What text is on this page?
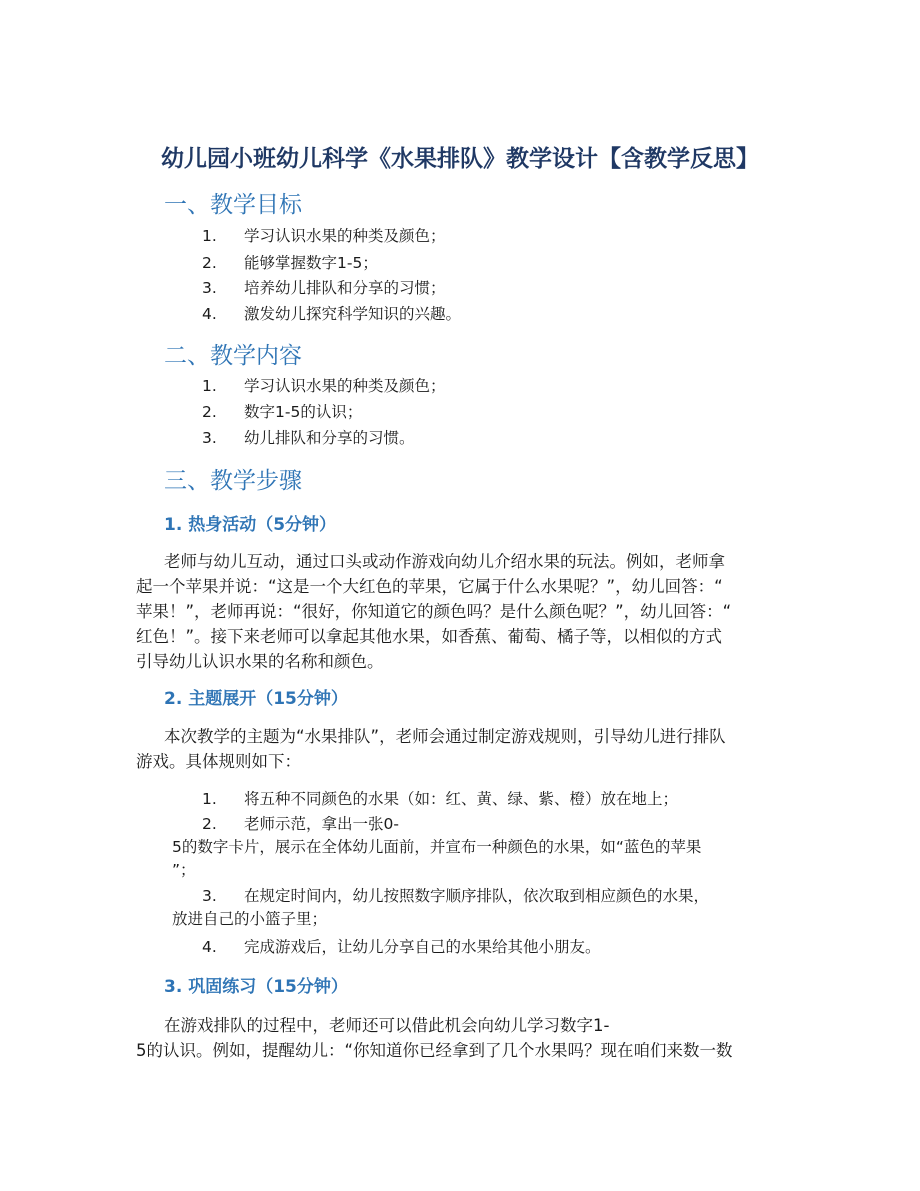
幼儿园小班幼儿科学《水果排队》教学设计【含教学反思】
一、教学目标
1. 学习认识水果的种类及颜色；
2. 能够掌握数字1-5；
3. 培养幼儿排队和分享的习惯；
4. 激发幼儿探究科学知识的兴趣。
二、教学内容
1. 学习认识水果的种类及颜色；
2. 数字1-5的认识；
3. 幼儿排队和分享的习惯。
三、教学步骤
1. 热身活动（5分钟）
老师与幼儿互动，通过口头或动作游戏向幼儿介绍水果的玩法。例如，老师拿
起一个苹果并说：“这是一个大红色的苹果，它属于什么水果呢？”，幼儿回答：“
苹果！”，老师再说：“很好，你知道它的颜色吗？是什么颜色呢？”，幼儿回答：“
红色！”。接下来老师可以拿起其他水果，如香蕉、葡萄、橘子等，以相似的方式
引导幼儿认识水果的名称和颜色。
2. 主题展开（15分钟）
本次教学的主题为“水果排队”，老师会通过制定游戏规则，引导幼儿进行排队
游戏。具体规则如下：
1. 将五种不同颜色的水果（如：红、黄、绿、紫、橙）放在地上；
2. 老师示范，拿出一张0-
5的数字卡片，展示在全体幼儿面前，并宣布一种颜色的水果，如“蓝色的苹果
”；
3. 在规定时间内，幼儿按照数字顺序排队，依次取到相应颜色的水果，
放进自己的小篮子里；
4. 完成游戏后，让幼儿分享自己的水果给其他小朋友。
3. 巩固练习（15分钟）
在游戏排队的过程中，老师还可以借此机会向幼儿学习数字1-
5的认识。例如，提醒幼儿：“你知道你已经拿到了几个水果吗？现在咱们来数一数
